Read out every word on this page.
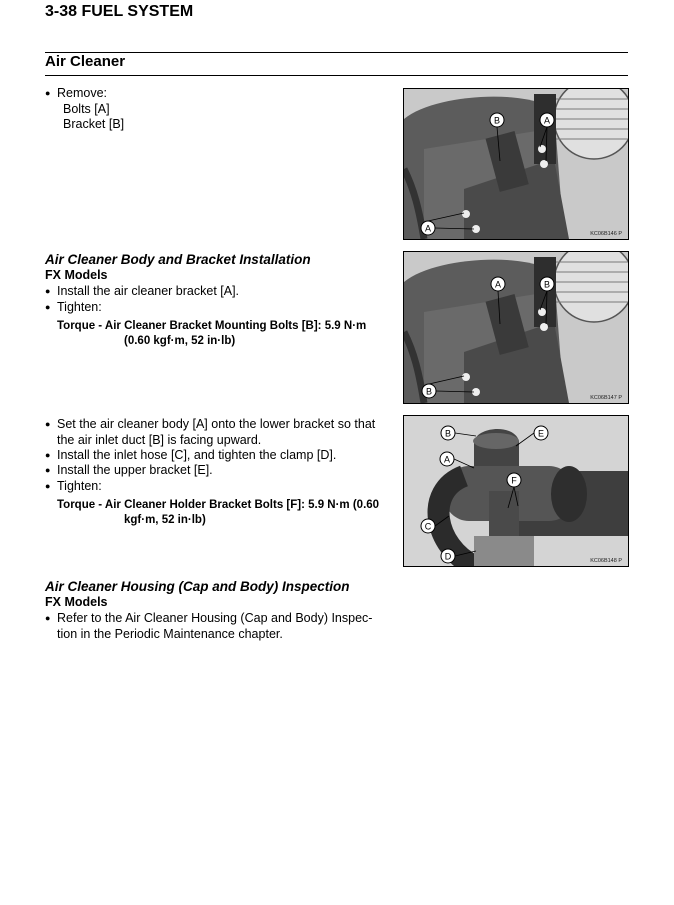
3-38 FUEL SYSTEM
Air Cleaner
● Remove:
Bolts [A]
Bracket [B]	B	A
A
KC06B146 P
Air Cleaner Body and Bracket Installation
FX Models
● Install the air cleaner bracket [A].
● Tighten:
Torque - Air Cleaner Bracket Mounting Bolts [B]: 5.9 N·m
(0.60 kgf·m, 52 in·lb)
A	B
B
KC06B147 P
● Set the air cleaner body [A] onto the lower bracket so that
the air inlet duct [B] is facing upward.
● Install the inlet hose [C], and tighten the clamp [D].
● Install the upper bracket [E].
● Tighten:
Torque - Air Cleaner Holder Bracket Bolts [F]: 5.9 N·m (0.60
kgf·m, 52 in·lb)
B	E
A
F
C
D	KC06B148 P
Air Cleaner Housing (Cap and Body) Inspection
FX Models
● Refer to the Air Cleaner Housing (Cap and Body) Inspec-
tion in the Periodic Maintenance chapter.
